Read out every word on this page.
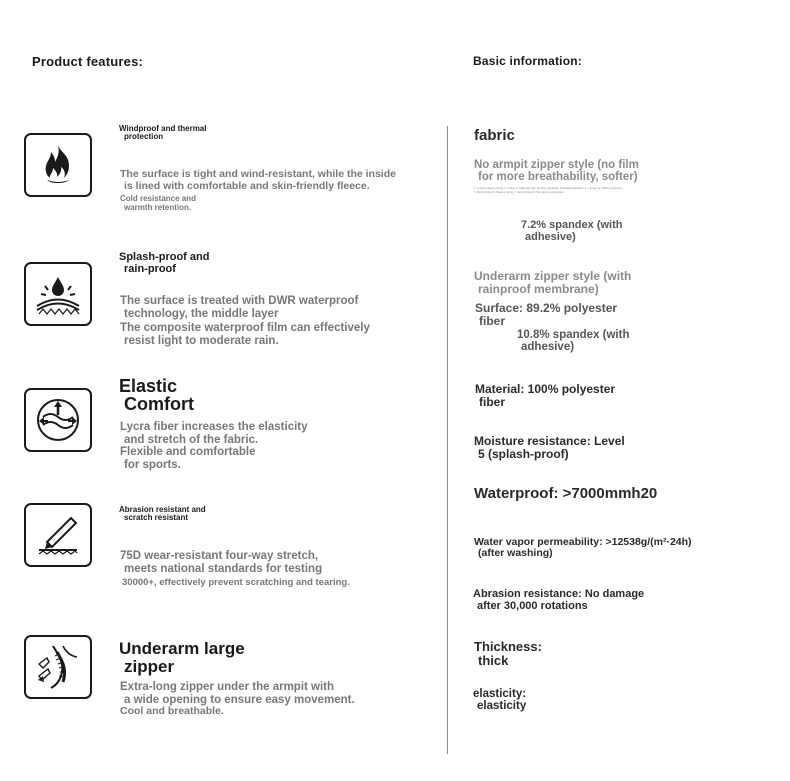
Product features:
Windproof and thermal
protection
The surface is tight and wind-resistant, while the inside
is lined with comfortable and skin-friendly fleece.
Cold resistance and
warmth retention.
Splash-proof and
rain-proof
The surface is treated with DWR waterproof
technology, the middle layer
The composite waterproof film can effectively
resist light to moderate rain.
Elastic
Comfort
Lycra fiber increases the elasticity
and stretch of the fabric.
Flexible and comfortable
for sports.
Abrasion resistant and
scratch resistant
75D wear-resistant four-way stretch,
meets national standards for testing
30000+, effectively prevent scratching and tearing.
Underarm large
zipper
Extra-long zipper under the armpit with
a wide opening to ensure easy movement.
Cool and breathable.
Basic information:
fabric
No armpit zipper style (no film
for more breathability, softer)
1. Interior fleece lining 2. Outer 3. Material with 92.8% polyester, including elastane 4. Lining for 100% polyester 5. Body lining 6. Sleeve lining 7. Hood lining 8. Bonded construction
7.2% spandex (with
adhesive)
Underarm zipper style (with
rainproof membrane)
Surface: 89.2% polyester
fiber
10.8% spandex (with
adhesive)
Material: 100% polyester
fiber
Moisture resistance: Level
5 (splash-proof)
Waterproof: >7000mmh20
Water vapor permeability: >12538g/(m²·24h)
(after washing)
Abrasion resistance: No damage
after 30,000 rotations
Thickness:
thick
elasticity:
elasticity
